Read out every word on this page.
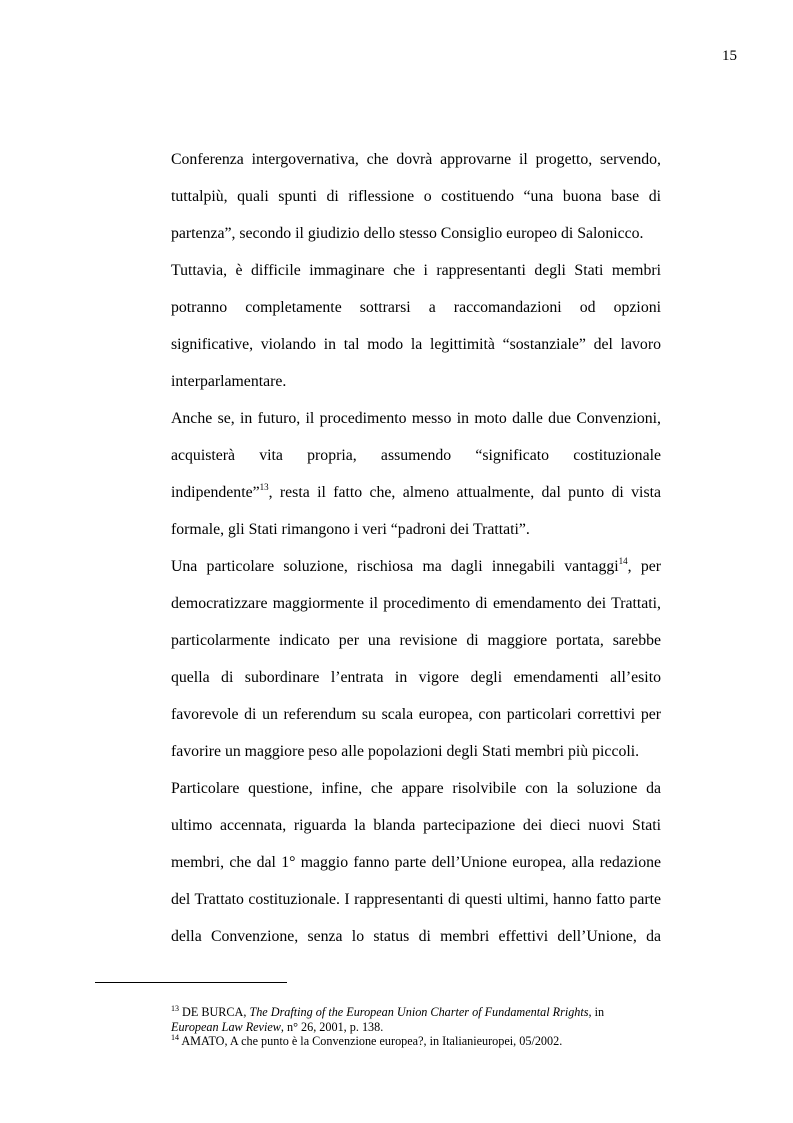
15

Conferenza intergovernativa, che dovrà approvarne il progetto, servendo, tuttalpiù, quali spunti di riflessione o costituendo “una buona base di partenza”, secondo il giudizio dello stesso Consiglio europeo di Salonicco.

Tuttavia, è difficile immaginare che i rappresentanti degli Stati membri potranno completamente sottrarsi a raccomandazioni od opzioni significative, violando in tal modo la legittimità “sostanziale” del lavoro interparlamentare.

Anche se, in futuro, il procedimento messo in moto dalle due Convenzioni, acquisterà vita propria, assumendo “significato costituzionale indipendente”$^{13}$, resta il fatto che, almeno attualmente, dal punto di vista formale, gli Stati rimangono i veri “padroni dei Trattati”.

Una particolare soluzione, rischiosa ma dagli innegabili vantaggi$^{14}$, per democratizzare maggiormente il procedimento di emendamento dei Trattati, particolarmente indicato per una revisione di maggiore portata, sarebbe quella di subordinare l’entrata in vigore degli emendamenti all’esito favorevole di un referendum su scala europea, con particolari correttivi per favorire un maggiore peso alle popolazioni degli Stati membri più piccoli.

Particolare questione, infine, che appare risolvibile con la soluzione da ultimo accennata, riguarda la blanda partecipazione dei dieci nuovi Stati membri, che dal 1° maggio fanno parte dell’Unione europea, alla redazione del Trattato costituzionale. I rappresentanti di questi ultimi, hanno fatto parte della Convenzione, senza lo status di membri effettivi dell’Unione, da

$^{13}$ DE BURCA, The Drafting of the European Union Charter of Fundamental Rrights, in
European Law Review, n° 26, 2001, p. 138.

$^{14}$ AMATO, A che punto è la Convenzione europea?, in Italianieuropei, 05/2002.
